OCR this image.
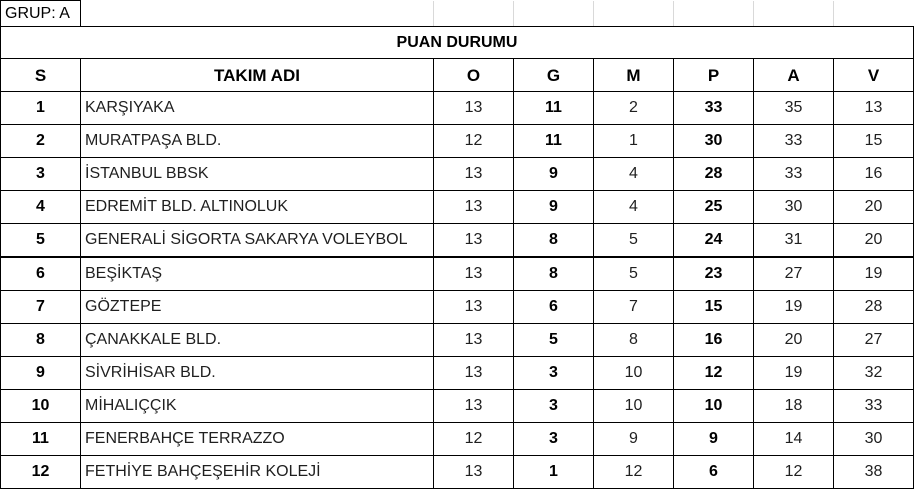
GRUP: A							
PUAN DURUMU							
S	TAKIM ADI	O	G	M	P	A	V
1	KARŞIYAKA	13	11	2	33	35	13
2	MURATPAŞA BLD.	12	11	1	30	33	15
3	İSTANBUL BBSK	13	9	4	28	33	16
4	EDREMİT BLD. ALTINOLUK	13	9	4	25	30	20
5	GENERALİ SİGORTA SAKARYA VOLEYBOL	13	8	5	24	31	20
6	BEŞİKTAŞ	13	8	5	23	27	19
7	GÖZTEPE	13	6	7	15	19	28
8	ÇANAKKALE BLD.	13	5	8	16	20	27
9	SİVRİHİSAR BLD.	13	3	10	12	19	32
10	MİHALIÇÇIK	13	3	10	10	18	33
11	FENERBAHÇE TERRAZZO	12	3	9	9	14	30
12	FETHİYE BAHÇEŞEHİR KOLEJİ	13	1	12	6	12	38
